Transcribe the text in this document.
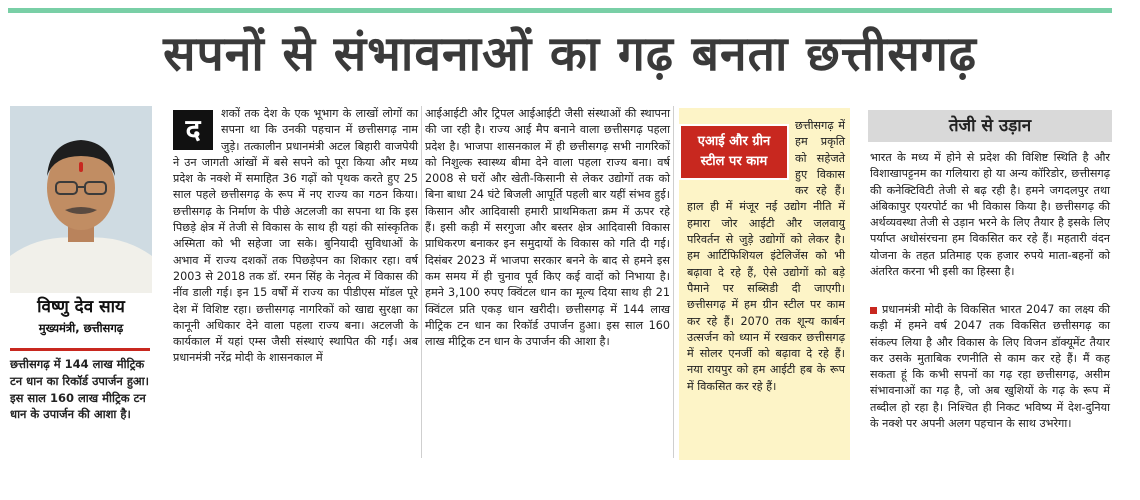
सपनों से संभावनाओं का गढ़ बनता छत्तीसगढ़
विष्णु देव साय
मुख्यमंत्री, छत्तीसगढ़
छत्तीसगढ़ में 144 लाख मीट्रिक टन धान का रिकॉर्ड उपार्जन हुआ। इस साल 160 लाख मीट्रिक टन धान के उपार्जन की आशा है।
द	शकों तक देश के एक भूभाग के लाखों लोगों का सपना था कि उनकी पहचान में छत्तीसगढ़ नाम जुड़े। तत्कालीन प्रधानमंत्री अटल बिहारी वाजपेयी ने उन जागती आंखों में बसे सपने को पूरा किया और मध्य प्रदेश के नक्शे में समाहित 36 गढ़ों को पृथक करते हुए 25 साल पहले छत्तीसगढ़ के रूप में नए राज्य का गठन किया। छत्तीसगढ़ के निर्माण के पीछे अटलजी का सपना था कि इस पिछड़े क्षेत्र में तेजी से विकास के साथ ही यहां की सांस्कृतिक अस्मिता को भी सहेजा जा सके। बुनियादी सुविधाओं के अभाव में राज्य दशकों तक पिछड़ेपन का शिकार रहा। वर्ष 2003 से 2018 तक डॉ. रमन सिंह के नेतृत्व में विकास की नींव डाली गई। इन 15 वर्षों में राज्य का पीडीएस मॉडल पूरे देश में विशिष्ट रहा। छत्तीसगढ़ नागरिकों को खाद्य सुरक्षा का कानूनी अधिकार देने वाला पहला राज्य बना। अटलजी के कार्यकाल में यहां एम्स जैसी संस्थाएं स्थापित की गईं। अब प्रधानमंत्री नरेंद्र मोदी के शासनकाल में

आईआईटी और ट्रिपल आईआईटी जैसी संस्थाओं की स्थापना की जा रही है। राज्य आई मैप बनाने वाला छत्तीसगढ़ पहला प्रदेश है। भाजपा शासनकाल में ही छत्तीसगढ़ सभी नागरिकों को निशुल्क स्वास्थ्य बीमा देने वाला पहला राज्य बना। वर्ष 2008 से घरों और खेती-किसानी से लेकर उद्योगों तक को बिना बाधा 24 घंटे बिजली आपूर्ति पहली बार यहीं संभव हुई। किसान और आदिवासी हमारी प्राथमिकता क्रम में ऊपर रहे हैं। इसी कड़ी में सरगुजा और बस्तर क्षेत्र आदिवासी विकास प्राधिकरण बनाकर इन समुदायों के विकास को गति दी गई। दिसंबर 2023 में भाजपा सरकार बनने के बाद से हमने इस कम समय में ही चुनाव पूर्व किए कई वादों को निभाया है। हमने 3,100 रुपए क्विंटल धान का मूल्य दिया साथ ही 21 क्विंटल प्रति एकड़ धान खरीदी। छत्तीसगढ़ में 144 लाख मीट्रिक टन धान का रिकॉर्ड उपार्जन हुआ। इस साल 160 लाख मीट्रिक टन धान के उपार्जन की आशा है।

एआई और ग्रीन स्टील पर काम

छत्तीसगढ़ में हम प्रकृति को सहेजते हुए विकास कर रहे हैं। हाल ही में मंजूर नई उद्योग नीति में हमारा जोर आईटी और जलवायु परिवर्तन से जुड़े उद्योगों को लेकर है। हम आर्टिफिशियल इंटेलिजेंस को भी बढ़ावा दे रहे हैं, ऐसे उद्योगों को बड़े पैमाने पर सब्सिडी दी जाएगी। छत्तीसगढ़ में हम ग्रीन स्टील पर काम कर रहे हैं। 2070 तक शून्य कार्बन उत्सर्जन को ध्यान में रखकर छत्तीसगढ़ में सोलर एनर्जी को बढ़ावा दे रहे हैं। नया रायपुर को हम आईटी हब के रूप में विकसित कर रहे हैं।

तेजी से उड़ान

भारत के मध्य में होने से प्रदेश की विशिष्ट स्थिति है और विशाखापट्टनम का गलियारा हो या अन्य कॉरिडोर, छत्तीसगढ़ की कनेक्टिविटी तेजी से बढ़ रही है। हमने जगदलपुर तथा अंबिकापुर एयरपोर्ट का भी विकास किया है। छत्तीसगढ़ की अर्थव्यवस्था तेजी से उड़ान भरने के लिए तैयार है इसके लिए पर्याप्त अधोसंरचना हम विकसित कर रहे हैं। महतारी वंदन योजना के तहत प्रतिमाह एक हजार रुपये माता-बहनों को अंतरित करना भी इसी का हिस्सा है।

प्रधानमंत्री मोदी के विकसित भारत 2047 का लक्ष्य की कड़ी में हमने वर्ष 2047 तक विकसित छत्तीसगढ़ का संकल्प लिया है और विकास के लिए विजन डॉक्यूमेंट तैयार कर उसके मुताबिक रणनीति से काम कर रहे हैं। मैं कह सकता हूं कि कभी सपनों का गढ़ रहा छत्तीसगढ़, असीम संभावनाओं का गढ़ है, जो अब खुशियों के गढ़ के रूप में तब्दील हो रहा है। निश्चित ही निकट भविष्य में देश-दुनिया के नक्शे पर अपनी अलग पहचान के साथ उभरेगा।
